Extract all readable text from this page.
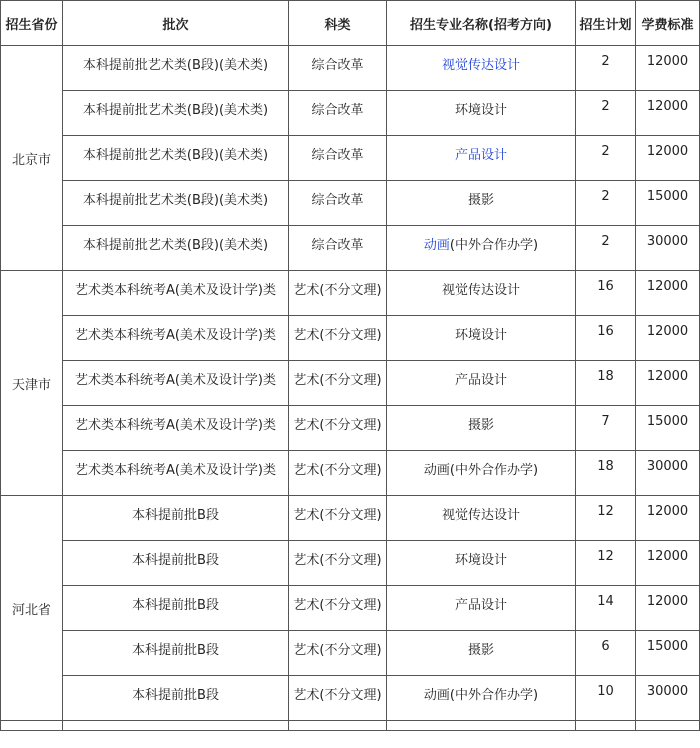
招生省份	批次	科类	招生专业名称(招考方向)	招生计划	学费标准
北京市	本科提前批艺术类(B段)(美术类)	综合改革	视觉传达设计	2	12000
	本科提前批艺术类(B段)(美术类)	综合改革	环境设计	2	12000
	本科提前批艺术类(B段)(美术类)	综合改革	产品设计	2	12000
	本科提前批艺术类(B段)(美术类)	综合改革	摄影	2	15000
	本科提前批艺术类(B段)(美术类)	综合改革	动画(中外合作办学)	2	30000
天津市	艺术类本科统考A(美术及设计学)类	艺术(不分文理)	视觉传达设计	16	12000
	艺术类本科统考A(美术及设计学)类	艺术(不分文理)	环境设计	16	12000
	艺术类本科统考A(美术及设计学)类	艺术(不分文理)	产品设计	18	12000
	艺术类本科统考A(美术及设计学)类	艺术(不分文理)	摄影	7	15000
	艺术类本科统考A(美术及设计学)类	艺术(不分文理)	动画(中外合作办学)	18	30000
河北省	本科提前批B段	艺术(不分文理)	视觉传达设计	12	12000
	本科提前批B段	艺术(不分文理)	环境设计	12	12000
	本科提前批B段	艺术(不分文理)	产品设计	14	12000
	本科提前批B段	艺术(不分文理)	摄影	6	15000
	本科提前批B段	艺术(不分文理)	动画(中外合作办学)	10	30000
